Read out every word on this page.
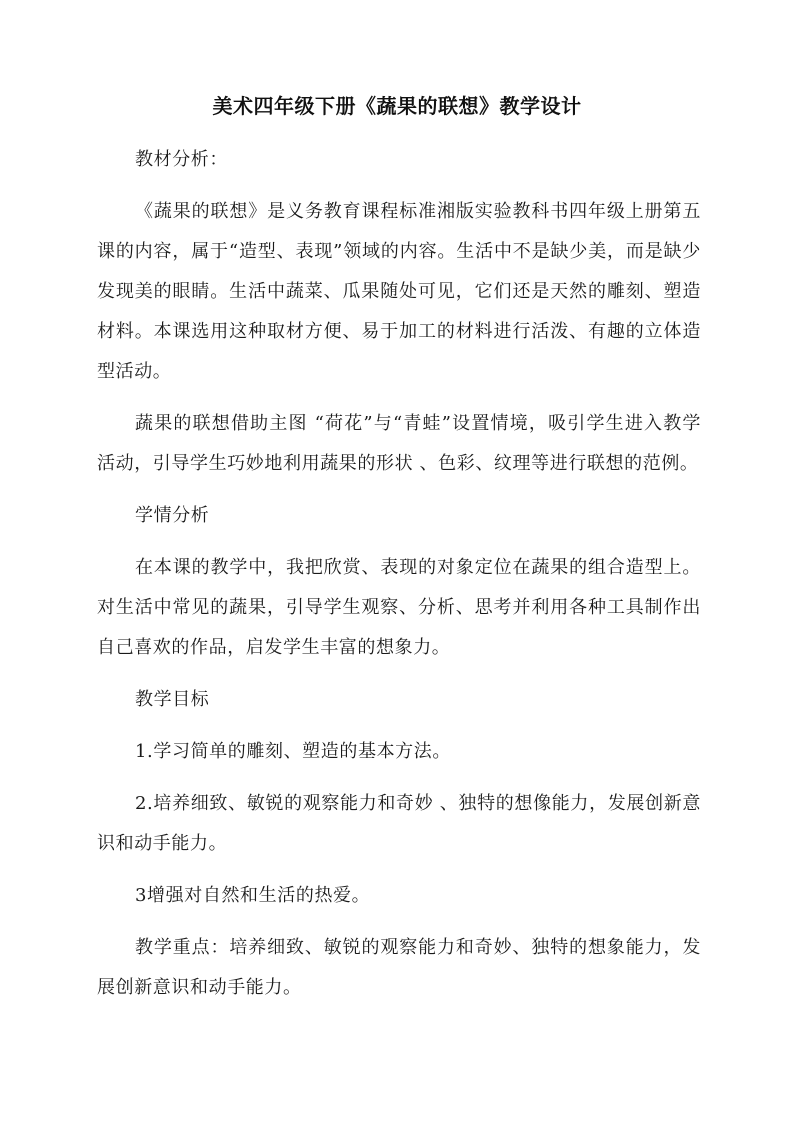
美术四年级下册《蔬果的联想》教学设计

教材分析：

《蔬果的联想》是义务教育课程标准湘版实验教科书四年级上册第五课的内容，属于“造型、表现”领域的内容。生活中不是缺少美，而是缺少发现美的眼睛。生活中蔬菜、瓜果随处可见，它们还是天然的雕刻、塑造材料。本课选用这种取材方便、易于加工的材料进行活泼、有趣的立体造型活动。

蔬果的联想借助主图 “荷花”与“青蛙”设置情境，吸引学生进入教学活动，引导学生巧妙地利用蔬果的形状 、色彩、纹理等进行联想的范例。

学情分析

在本课的教学中，我把欣赏、表现的对象定位在蔬果的组合造型上。对生活中常见的蔬果，引导学生观察、分析、思考并利用各种工具制作出自己喜欢的作品，启发学生丰富的想象力。

教学目标

1.学习简单的雕刻、塑造的基本方法。

2.培养细致、敏锐的观察能力和奇妙 、独特的想像能力，发展创新意识和动手能力。

3增强对自然和生活的热爱。

教学重点：培养细致、敏锐的观察能力和奇妙、独特的想象能力，发展创新意识和动手能力。
